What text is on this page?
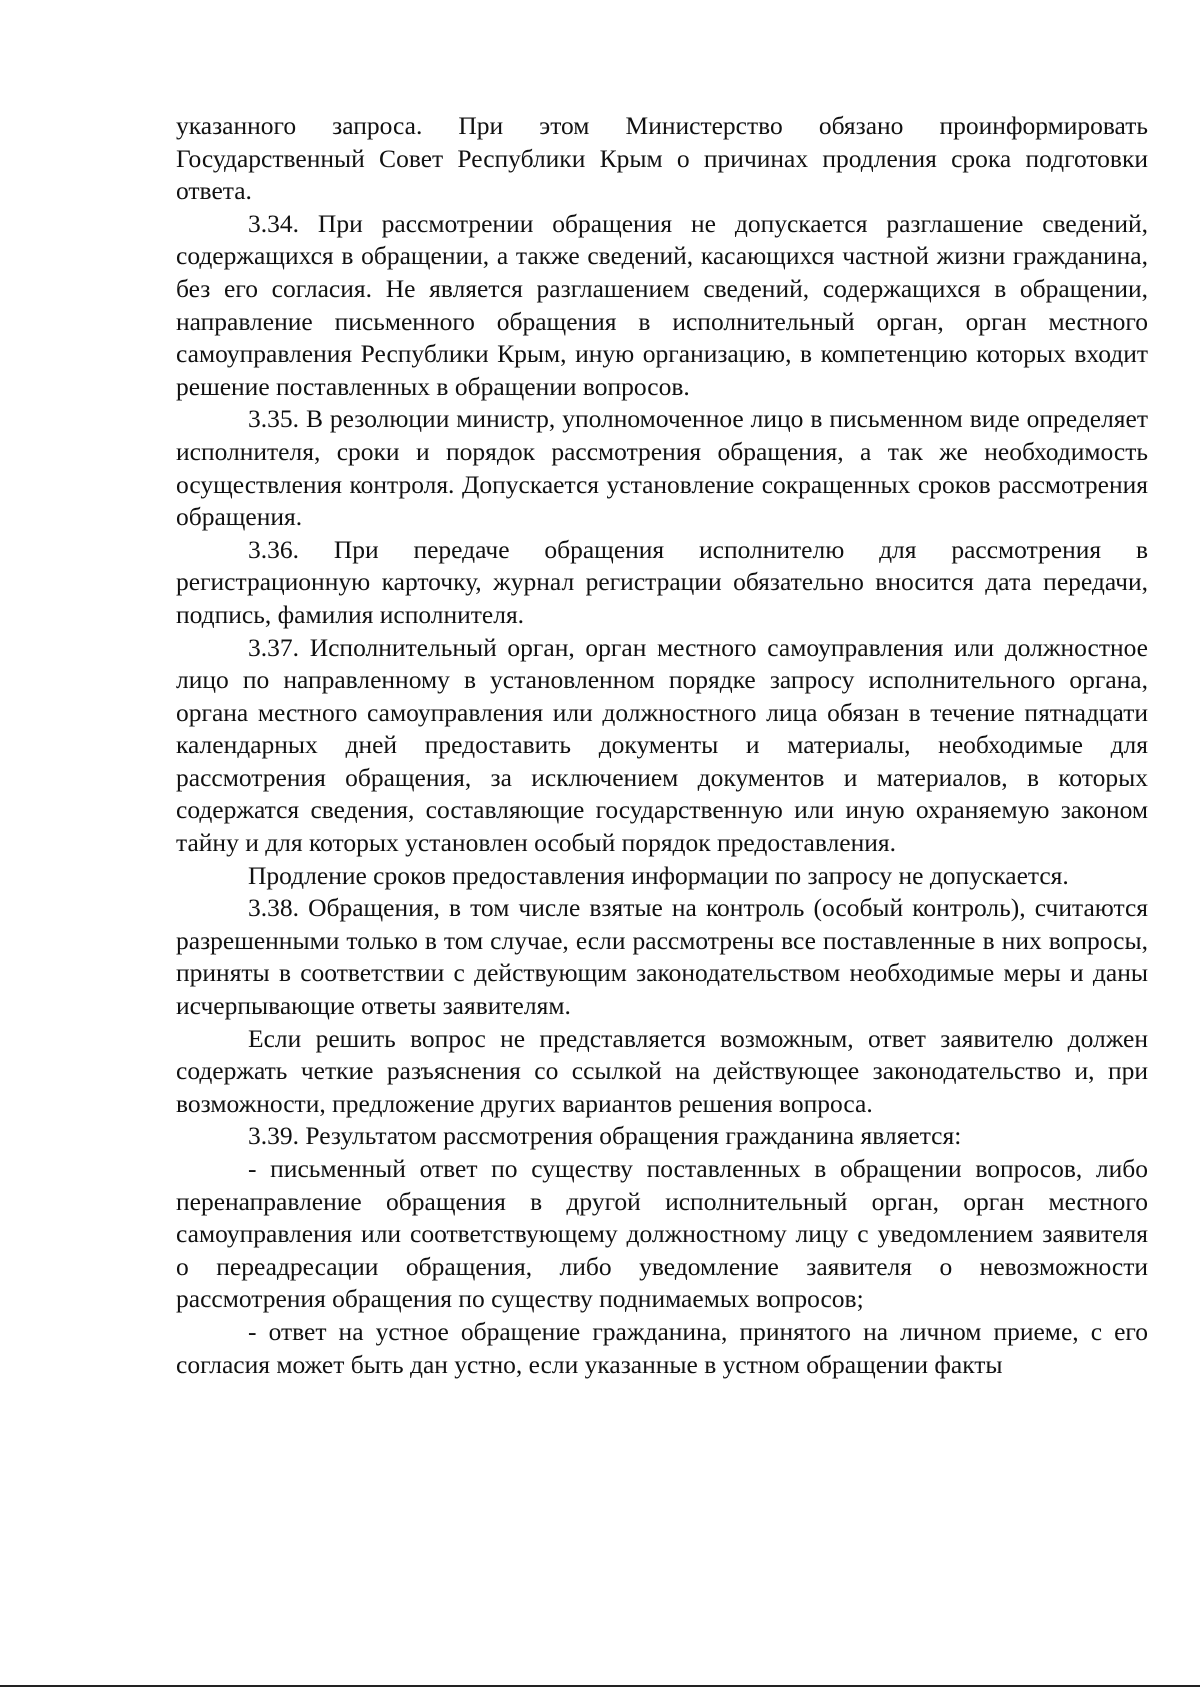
указанного запроса. При этом Министерство обязано проинформировать Государственный Совет Республики Крым о причинах продления срока подготовки ответа.

3.34. При рассмотрении обращения не допускается разглашение сведений, содержащихся в обращении, а также сведений, касающихся частной жизни гражданина, без его согласия. Не является разглашением сведений, содержащихся в обращении, направление письменного обращения в исполнительный орган, орган местного самоуправления Республики Крым, иную организацию, в компетенцию которых входит решение поставленных в обращении вопросов.

3.35. В резолюции министр, уполномоченное лицо в письменном виде определяет исполнителя, сроки и порядок рассмотрения обращения, а так же необходимость осуществления контроля. Допускается установление сокращенных сроков рассмотрения обращения.

3.36. При передаче обращения исполнителю для рассмотрения в регистрационную карточку, журнал регистрации обязательно вносится дата передачи, подпись, фамилия исполнителя.

3.37. Исполнительный орган, орган местного самоуправления или должностное лицо по направленному в установленном порядке запросу исполнительного органа, органа местного самоуправления или должностного лица обязан в течение пятнадцати календарных дней предоставить документы и материалы, необходимые для рассмотрения обращения, за исключением документов и материалов, в которых содержатся сведения, составляющие государственную или иную охраняемую законом тайну и для которых установлен особый порядок предоставления.

Продление сроков предоставления информации по запросу не допускается.

3.38. Обращения, в том числе взятые на контроль (особый контроль), считаются разрешенными только в том случае, если рассмотрены все поставленные в них вопросы, приняты в соответствии с действующим законодательством необходимые меры и даны исчерпывающие ответы заявителям.

Если решить вопрос не представляется возможным, ответ заявителю должен содержать четкие разъяснения со ссылкой на действующее законодательство и, при возможности, предложение других вариантов решения вопроса.

3.39. Результатом рассмотрения обращения гражданина является:

- письменный ответ по существу поставленных в обращении вопросов, либо перенаправление обращения в другой исполнительный орган, орган местного самоуправления или соответствующему должностному лицу с уведомлением заявителя о переадресации обращения, либо уведомление заявителя о невозможности рассмотрения обращения по существу поднимаемых вопросов;

- ответ на устное обращение гражданина, принятого на личном приеме, с его согласия может быть дан устно, если указанные в устном обращении факты
